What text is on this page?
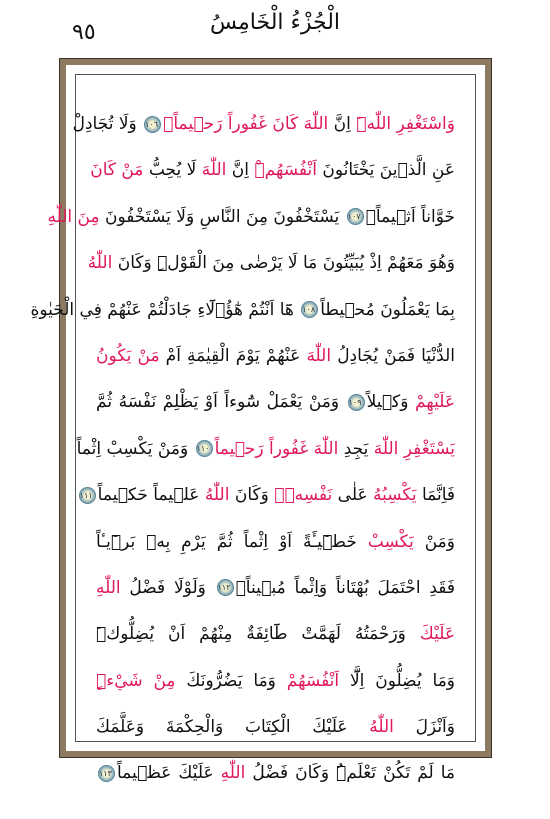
٩٥	الْجُزْءُ الْخَامِسُ
وَاسْتَغْفِرِ اللّٰهَۜ اِنَّ اللّٰهَ كَانَ غَفُوراً رَح۪يماًۚ١٠٦ وَلَا تُجَادِلْ
عَنِ الَّذ۪ينَ يَخْتَانُونَ اَنْفُسَهُمْۜ اِنَّ اللّٰهَ لَا يُحِبُّ مَنْ كَانَ
خَوَّاناً اَث۪يماًۚ١٠٧ يَسْتَخْفُونَ مِنَ النَّاسِ وَلَا يَسْتَخْفُونَ مِنَ اللّٰهِ
وَهُوَ مَعَهُمْ اِذْ يُبَيِّتُونَ مَا لَا يَرْضٰى مِنَ الْقَوْلِۜ وَكَانَ اللّٰهُ
بِمَا يَعْمَلُونَ مُح۪يطاً١٠٨ هَٓا اَنْتُمْ هٰٓؤُ۬لَٓاءِ جَادَلْتُمْ عَنْهُمْ فِي الْحَيٰوةِ
الدُّنْيَا فَمَنْ يُجَادِلُ اللّٰهَ عَنْهُمْ يَوْمَ الْقِيٰمَةِ اَمْ مَنْ يَكُونُ
عَلَيْهِمْ وَك۪يلاً١٠٩ وَمَنْ يَعْمَلْ سُٓوءاً اَوْ يَظْلِمْ نَفْسَهُ ثُمَّ
يَسْتَغْفِرِ اللّٰهَ يَجِدِ اللّٰهَ غَفُوراً رَح۪يماً١١٠ وَمَنْ يَكْسِبْ اِثْماً
فَاِنَّمَا يَكْسِبُهُ عَلٰى نَفْسِه۪ۜ وَكَانَ اللّٰهُ عَل۪يماً حَك۪يماً١١١
وَمَنْ يَكْسِبْ خَط۪ٓيـَٔةً اَوْ اِثْماً ثُمَّ يَرْمِ بِه۪ بَر۪ٓيـٔاً
فَقَدِ احْتَمَلَ بُهْتَاناً وَاِثْماً مُب۪يناًۚ١١٢ وَلَوْلَا فَضْلُ اللّٰهِ
عَلَيْكَ وَرَحْمَتُهُ لَهَمَّتْ طَٓائِفَةٌ مِنْهُمْ اَنْ يُضِلُّوكَۜ
وَمَا يُضِلُّونَ اِلَّٓا اَنْفُسَهُمْ وَمَا يَضُرُّونَكَ مِنْ شَيْءٍۜ
وَاَنْزَلَ اللّٰهُ عَلَيْكَ الْكِتَابَ وَالْحِكْمَةَ وَعَلَّمَكَ
مَا لَمْ تَكُنْ تَعْلَمُۜ وَكَانَ فَضْلُ اللّٰهِ عَلَيْكَ عَظ۪يماً١١٣
